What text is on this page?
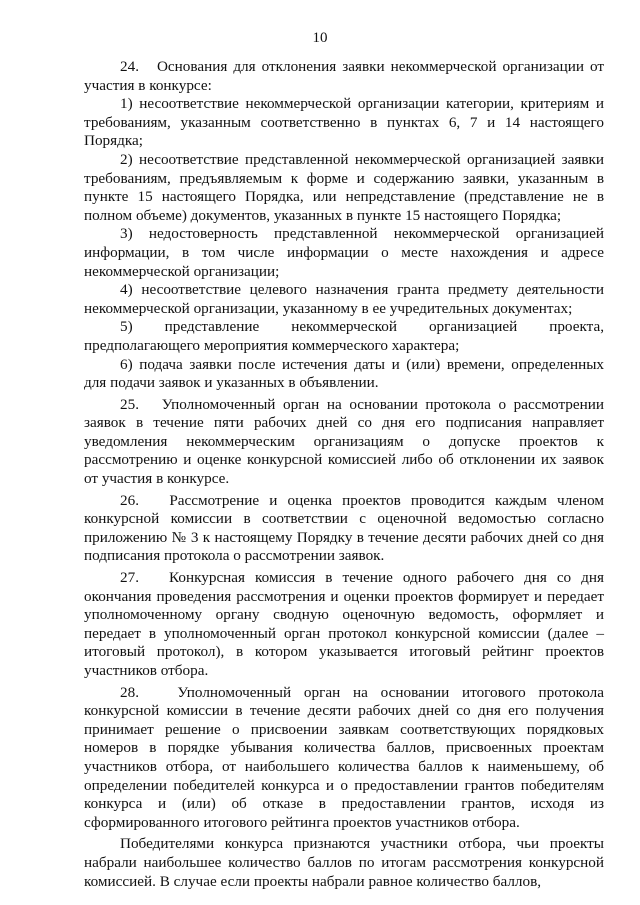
10

24.   Основания для отклонения заявки некоммерческой организации от участия в конкурсе:

1) несоответствие некоммерческой организации категории, критериям и требованиям, указанным соответственно в пунктах 6, 7 и 14 настоящего Порядка;

2) несоответствие представленной некоммерческой организацией заявки требованиям, предъявляемым к форме и содержанию заявки, указанным в пункте 15 настоящего Порядка, или непредставление (представление не в полном объеме) документов, указанных в пункте 15 настоящего Порядка;

3) недостоверность представленной некоммерческой организацией информации, в том числе информации о месте нахождения и адресе некоммерческой организации;

4) несоответствие целевого назначения гранта предмету деятельности некоммерческой организации, указанному в ее учредительных документах;

5) представление некоммерческой организацией проекта, предполагающего мероприятия коммерческого характера;

6) подача заявки после истечения даты и (или) времени, определенных для подачи заявок и указанных в объявлении.

25.   Уполномоченный орган на основании протокола о рассмотрении заявок в течение пяти рабочих дней со дня его подписания направляет уведомления некоммерческим организациям о допуске проектов к рассмотрению и оценке конкурсной комиссией либо об отклонении их заявок от участия в конкурсе.

26.   Рассмотрение и оценка проектов проводится каждым членом конкурсной комиссии в соответствии с оценочной ведомостью согласно приложению № 3 к настоящему Порядку в течение десяти рабочих дней со дня подписания протокола о рассмотрении заявок.

27.   Конкурсная комиссия в течение одного рабочего дня со дня окончания проведения рассмотрения и оценки проектов формирует и передает уполномоченному органу сводную оценочную ведомость, оформляет и передает в уполномоченный орган протокол конкурсной комиссии (далее – итоговый протокол), в котором указывается итоговый рейтинг проектов участников отбора.

28.   Уполномоченный орган на основании итогового протокола конкурсной комиссии в течение десяти рабочих дней со дня его получения принимает решение о присвоении заявкам соответствующих порядковых номеров в порядке убывания количества баллов, присвоенных проектам участников отбора, от наибольшего количества баллов к наименьшему, об определении победителей конкурса и о предоставлении грантов победителям конкурса и (или) об отказе в предоставлении грантов, исходя из сформированного итогового рейтинга проектов участников отбора.

Победителями конкурса признаются участники отбора, чьи проекты набрали наибольшее количество баллов по итогам рассмотрения конкурсной комиссией. В случае если проекты набрали равное количество баллов,
